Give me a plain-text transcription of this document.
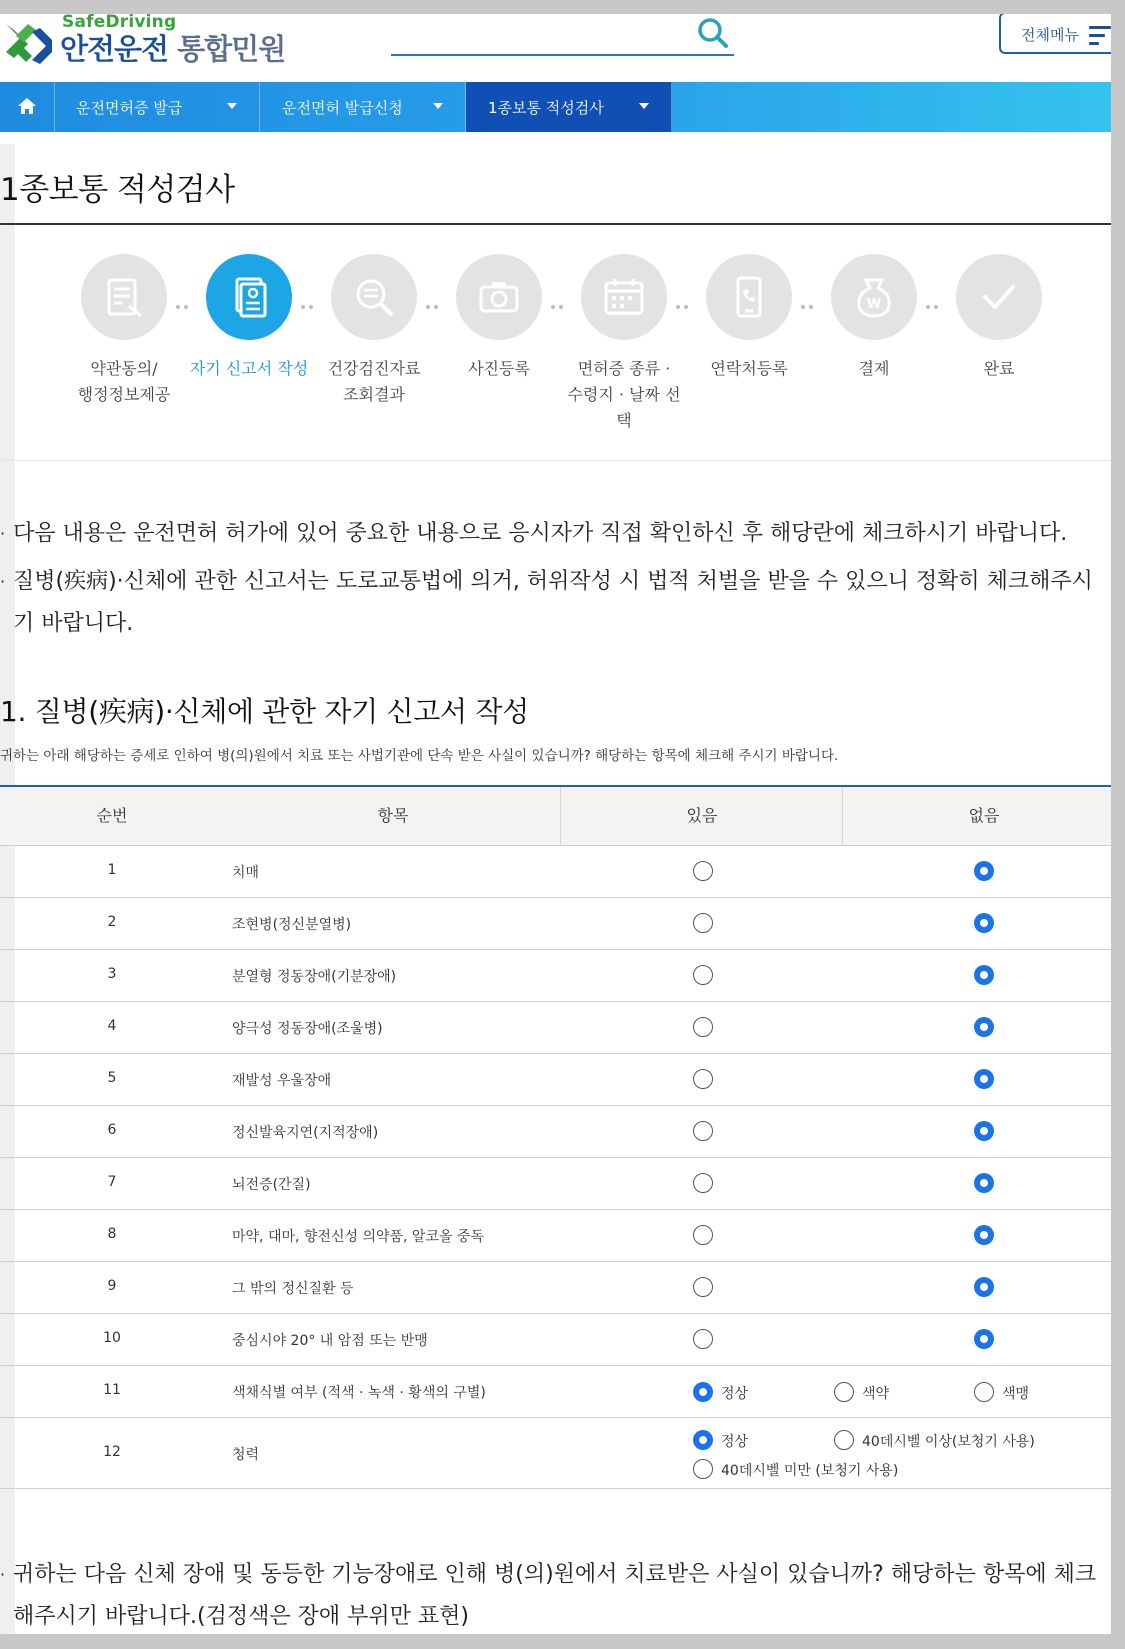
SafeDriving
안전운전 통합민원	전체메뉴
운전면허증 발급	운전면허 발급신청	1종보통 적성검사
1종보통 적성검사
약관동의/
행정정보제공
자기 신고서 작성	건강검진자료
조회결과
사진등록	면허증 종류 ·
수령지 · 날짜 선택
연락처등록
W
결제	완료
· 다음 내용은 운전면허 허가에 있어 중요한 내용으로 응시자가 직접 확인하신 후 해당란에 체크하시기 바랍니다.
· 질병(疾病)·신체에 관한 신고서는 도로교통법에 의거, 허위작성 시 법적 처벌을 받을 수 있으니 정확히 체크해주시
기 바랍니다.
1. 질병(疾病)·신체에 관한 자기 신고서 작성
귀하는 아래 해당하는 증세로 인하여 병(의)원에서 치료 또는 사법기관에 단속 받은 사실이 있습니까? 해당하는 항목에 체크해 주시기 바랍니다.
순번	항목	있음	없음
1	치매
2	조현병(정신분열병)
3	분열형 정동장애(기분장애)
4	양극성 정동장애(조울병)
5	재발성 우울장애
6	정신발육지연(지적장애)
7	뇌전증(간질)
8	마약, 대마, 향전신성 의약품, 알코올 중독
9	그 밖의 정신질환 등
10	중심시야 20° 내 암점 또는 반맹
11	색채식별 여부 (적색 · 녹색 · 황색의 구별)	정상	색약	색맹
12	청력
정상	40데시벨 이상(보청기 사용)
40데시벨 미만 (보청기 사용)
· 귀하는 다음 신체 장애 및 동등한 기능장애로 인해 병(의)원에서 치료받은 사실이 있습니까? 해당하는 항목에 체크
해주시기 바랍니다.(검정색은 장애 부위만 표현)
